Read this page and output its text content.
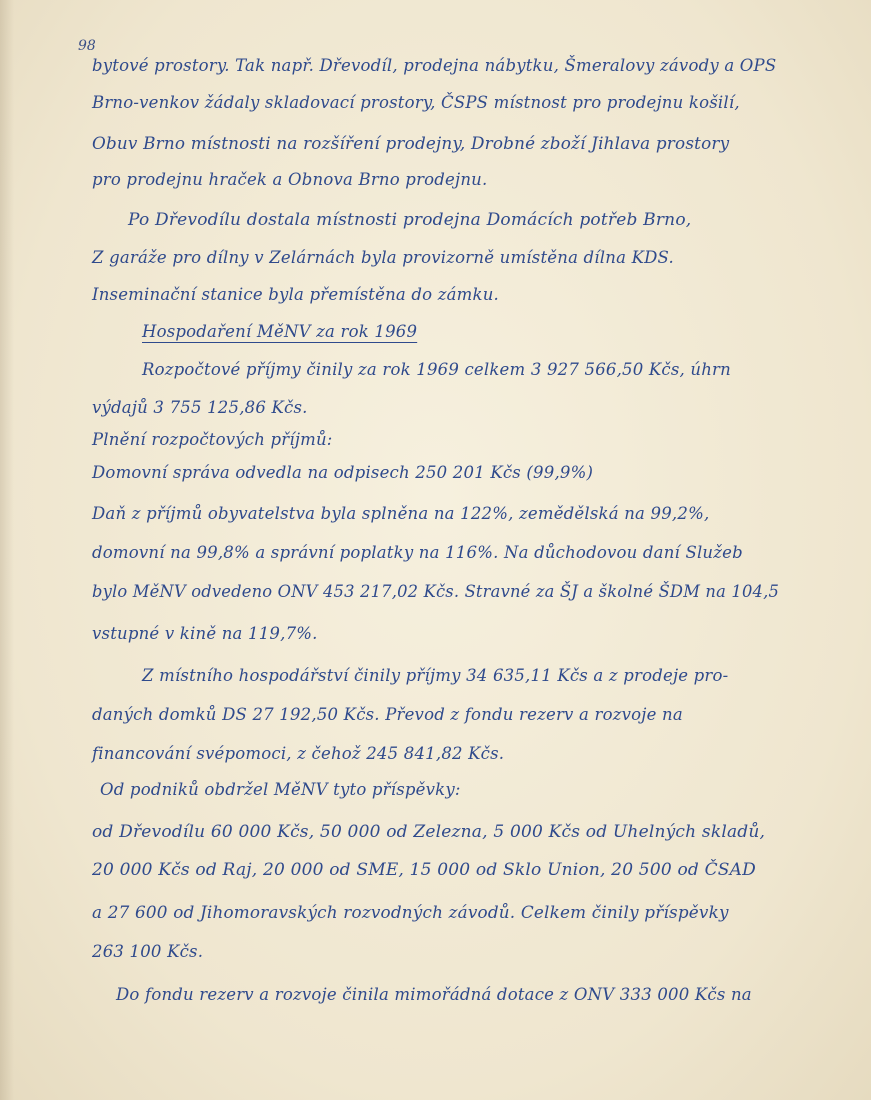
98
bytové prostory. Tak např. Dřevodíl, prodejna nábytku, Šmeralovy závody a OPS
Brno-venkov žádaly skladovací prostory, ČSPS místnost pro prodejnu košilí,
Obuv Brno místnosti na rozšíření prodejny, Drobné zboží Jihlava prostory
pro prodejnu hraček a Obnova Brno prodejnu.
Po Dřevodílu dostala místnosti prodejna Domácích potřeb Brno,
Z garáže pro dílny v Zelárnách byla provizorně umístěna dílna KDS.
Inseminační stanice byla přemístěna do zámku.
Hospodaření MěNV za rok 1969
Rozpočtové příjmy činily za rok 1969 celkem 3 927 566,50 Kčs, úhrn
výdajů 3 755 125,86 Kčs.
Plnění rozpočtových příjmů:
Domovní správa odvedla na odpisech 250 201 Kčs (99,9%)
Daň z příjmů obyvatelstva byla splněna na 122%, zemědělská na 99,2%,
domovní na 99,8% a správní poplatky na 116%. Na důchodovou daní Služeb
bylo MěNV odvedeno ONV 453 217,02 Kčs. Stravné za ŠJ a školné ŠDM na 104,5
vstupné v kině na 119,7%.
Z místního hospodářství činily příjmy 34 635,11 Kčs a z prodeje pro-
daných domků DS 27 192,50 Kčs. Převod z fondu rezerv a rozvoje na
financování svépomoci, z čehož 245 841,82 Kčs.
Od podniků obdržel MěNV tyto příspěvky:
od Dřevodílu 60 000 Kčs, 50 000 od Zelezna, 5 000 Kčs od Uhelných skladů,
20 000 Kčs od Raj, 20 000 od SME, 15 000 od Sklo Union, 20 500 od ČSAD
a 27 600 od Jihomoravských rozvodných závodů. Celkem činily příspěvky
263 100 Kčs.
Do fondu rezerv a rozvoje činila mimořádná dotace z ONV 333 000 Kčs na
